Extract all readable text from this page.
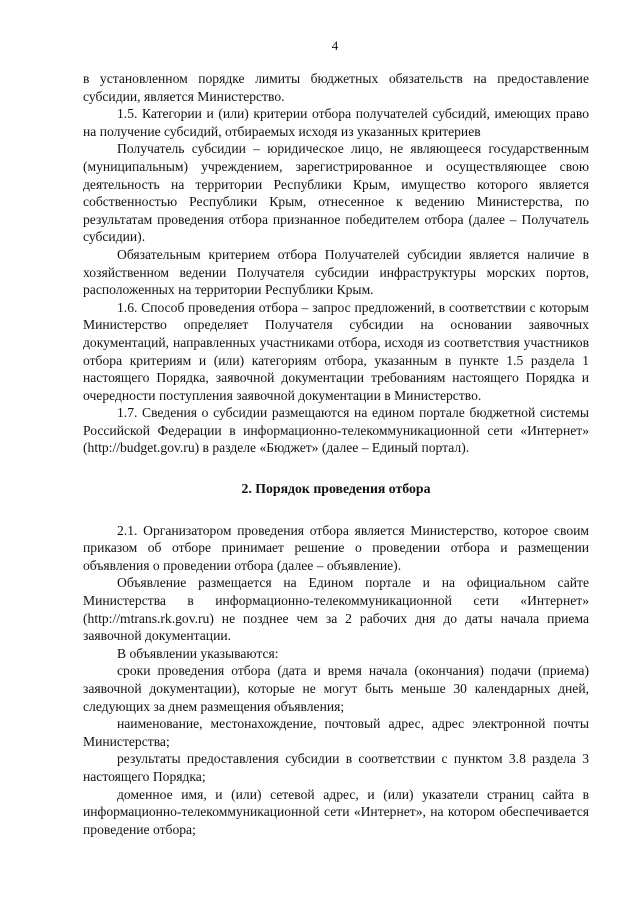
4

в установленном порядке лимиты бюджетных обязательств на предоставление субсидии, является Министерство.

1.5. Категории и (или) критерии отбора получателей субсидий, имеющих право на получение субсидий, отбираемых исходя из указанных критериев

Получатель субсидии – юридическое лицо, не являющееся государственным (муниципальным) учреждением, зарегистрированное и осуществляющее свою деятельность на территории Республики Крым, имущество которого является собственностью Республики Крым, отнесенное к ведению Министерства, по результатам проведения отбора признанное победителем отбора (далее – Получатель субсидии).

Обязательным критерием отбора Получателей субсидии является наличие в хозяйственном ведении Получателя субсидии инфраструктуры морских портов, расположенных на территории Республики Крым.

1.6. Способ проведения отбора – запрос предложений, в соответствии с которым Министерство определяет Получателя субсидии на основании заявочных документаций, направленных участниками отбора, исходя из соответствия участников отбора критериям и (или) категориям отбора, указанным в пункте 1.5 раздела 1 настоящего Порядка, заявочной документации требованиям настоящего Порядка и очередности поступления заявочной документации в Министерство.

1.7. Сведения о субсидии размещаются на едином портале бюджетной системы Российской Федерации в информационно-телекоммуникационной сети «Интернет» (http://budget.gov.ru) в разделе «Бюджет» (далее – Единый портал).

2. Порядок проведения отбора

2.1. Организатором проведения отбора является Министерство, которое своим приказом об отборе принимает решение о проведении отбора и размещении объявления о проведении отбора (далее – объявление).

Объявление размещается на Едином портале и на официальном сайте Министерства в информационно-телекоммуникационной сети «Интернет» (http://mtrans.rk.gov.ru) не позднее чем за 2 рабочих дня до даты начала приема заявочной документации.

В объявлении указываются:

сроки проведения отбора (дата и время начала (окончания) подачи (приема) заявочной документации), которые не могут быть меньше 30 календарных дней, следующих за днем размещения объявления;

наименование, местонахождение, почтовый адрес, адрес электронной почты Министерства;

результаты предоставления субсидии в соответствии с пунктом 3.8 раздела 3 настоящего Порядка;

доменное имя, и (или) сетевой адрес, и (или) указатели страниц сайта в информационно-телекоммуникационной сети «Интернет», на котором обеспечивается проведение отбора;
